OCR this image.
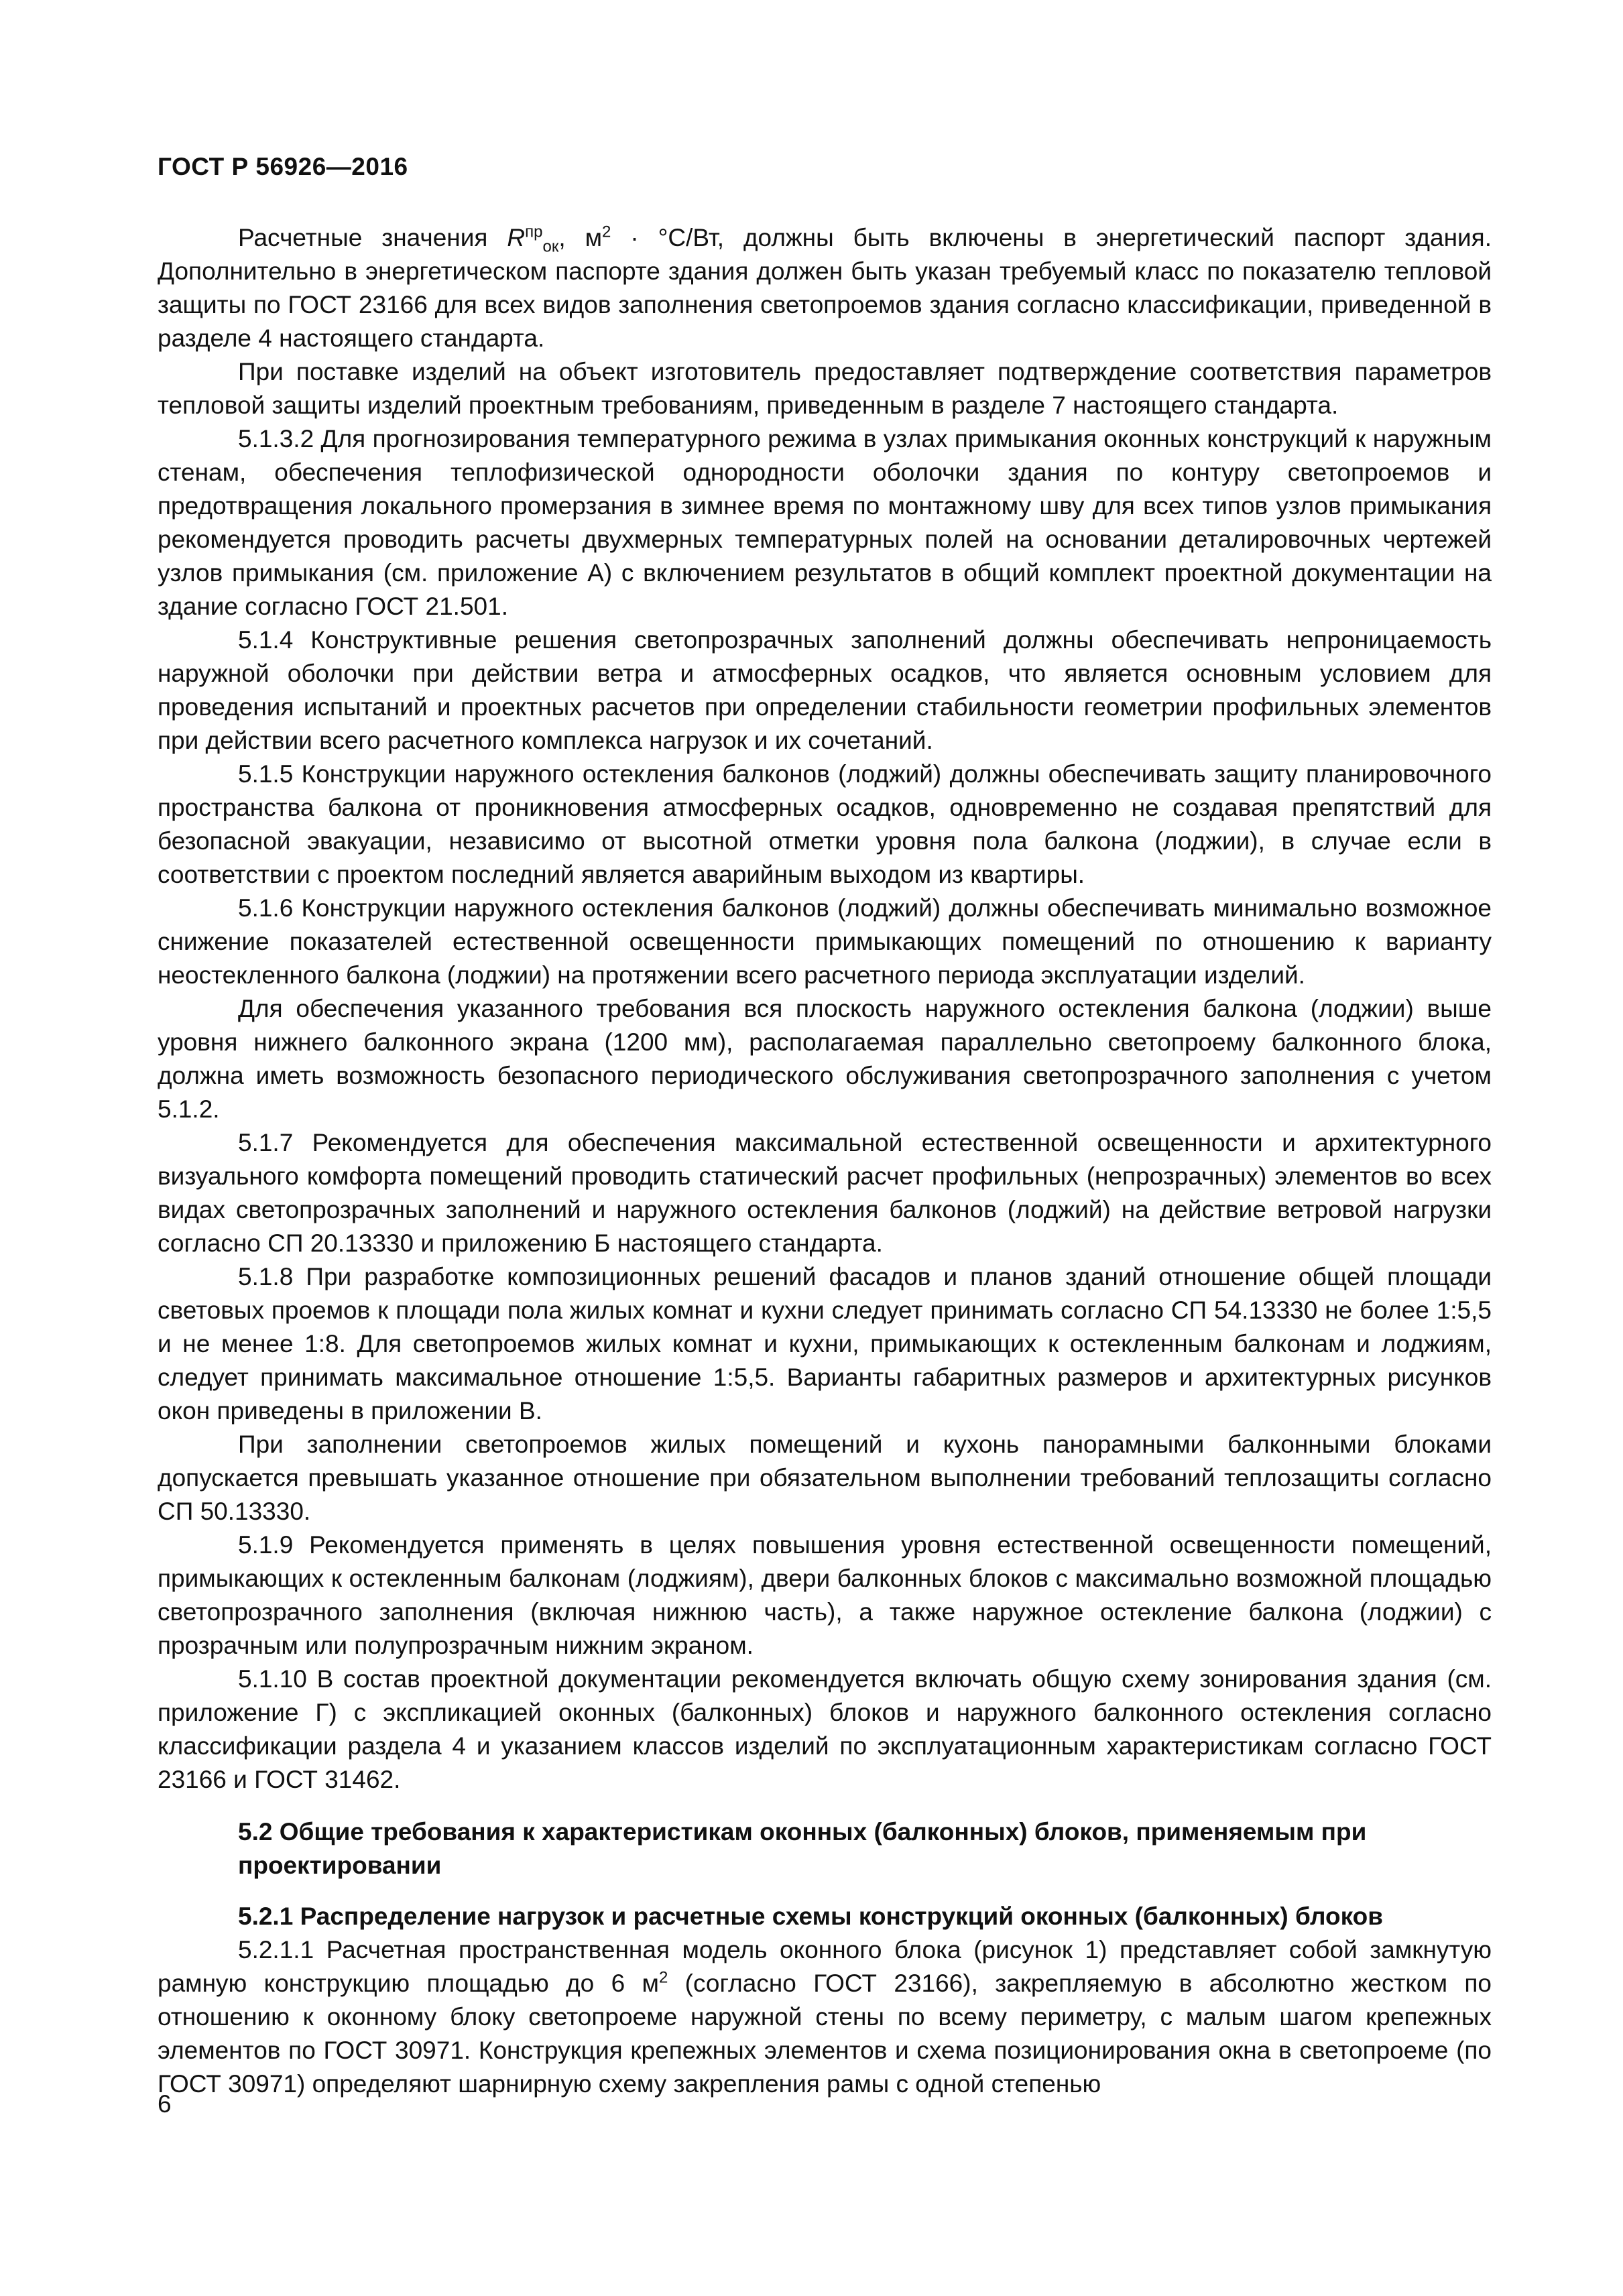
ГОСТ Р 56926—2016

Расчетные значения $R^{пр}_{ок}$, $м^2 \cdot ^\circ С/Вт$, должны быть включены в энергетический паспорт здания. Дополнительно в энергетическом паспорте здания должен быть указан требуемый класс по показателю тепловой защиты по ГОСТ 23166 для всех видов заполнения светопроемов здания согласно классификации, приведенной в разделе 4 настоящего стандарта.

При поставке изделий на объект изготовитель предоставляет подтверждение соответствия параметров тепловой защиты изделий проектным требованиям, приведенным в разделе 7 настоящего стандарта.

5.1.3.2 Для прогнозирования температурного режима в узлах примыкания оконных конструкций к наружным стенам, обеспечения теплофизической однородности оболочки здания по контуру светопроемов и предотвращения локального промерзания в зимнее время по монтажному шву для всех типов узлов примыкания рекомендуется проводить расчеты двухмерных температурных полей на основании деталировочных чертежей узлов примыкания (см. приложение А) с включением результатов в общий комплект проектной документации на здание согласно ГОСТ 21.501.

5.1.4 Конструктивные решения светопрозрачных заполнений должны обеспечивать непроницаемость наружной оболочки при действии ветра и атмосферных осадков, что является основным условием для проведения испытаний и проектных расчетов при определении стабильности геометрии профильных элементов при действии всего расчетного комплекса нагрузок и их сочетаний.

5.1.5 Конструкции наружного остекления балконов (лоджий) должны обеспечивать защиту планировочного пространства балкона от проникновения атмосферных осадков, одновременно не создавая препятствий для безопасной эвакуации, независимо от высотной отметки уровня пола балкона (лоджии), в случае если в соответствии с проектом последний является аварийным выходом из квартиры.

5.1.6 Конструкции наружного остекления балконов (лоджий) должны обеспечивать минимально возможное снижение показателей естественной освещенности примыкающих помещений по отношению к варианту неостекленного балкона (лоджии) на протяжении всего расчетного периода эксплуатации изделий.

Для обеспечения указанного требования вся плоскость наружного остекления балкона (лоджии) выше уровня нижнего балконного экрана (1200 мм), располагаемая параллельно светопроему балконного блока, должна иметь возможность безопасного периодического обслуживания светопрозрачного заполнения с учетом 5.1.2.

5.1.7 Рекомендуется для обеспечения максимальной естественной освещенности и архитектурного визуального комфорта помещений проводить статический расчет профильных (непрозрачных) элементов во всех видах светопрозрачных заполнений и наружного остекления балконов (лоджий) на действие ветровой нагрузки согласно СП 20.13330 и приложению Б настоящего стандарта.

5.1.8 При разработке композиционных решений фасадов и планов зданий отношение общей площади световых проемов к площади пола жилых комнат и кухни следует принимать согласно СП 54.13330 не более 1:5,5 и не менее 1:8. Для светопроемов жилых комнат и кухни, примыкающих к остекленным балконам и лоджиям, следует принимать максимальное отношение 1:5,5. Варианты габаритных размеров и архитектурных рисунков окон приведены в приложении В.

При заполнении светопроемов жилых помещений и кухонь панорамными балконными блоками допускается превышать указанное отношение при обязательном выполнении требований теплозащиты согласно СП 50.13330.

5.1.9 Рекомендуется применять в целях повышения уровня естественной освещенности помещений, примыкающих к остекленным балконам (лоджиям), двери балконных блоков с максимально возможной площадью светопрозрачного заполнения (включая нижнюю часть), а также наружное остекление балкона (лоджии) с прозрачным или полупрозрачным нижним экраном.

5.1.10 В состав проектной документации рекомендуется включать общую схему зонирования здания (см. приложение Г) с экспликацией оконных (балконных) блоков и наружного балконного остекления согласно классификации раздела 4 и указанием классов изделий по эксплуатационным характеристикам согласно ГОСТ 23166 и ГОСТ 31462.

5.2 Общие требования к характеристикам оконных (балконных) блоков, применяемым при проектировании
5.2.1 Распределение нагрузок и расчетные схемы конструкций оконных (балконных) блоков

5.2.1.1 Расчетная пространственная модель оконного блока (рисунок 1) представляет собой замкнутую рамную конструкцию площадью до 6 $м^2$ (согласно ГОСТ 23166), закрепляемую в абсолютно жестком по отношению к оконному блоку светопроеме наружной стены по всему периметру, с малым шагом крепежных элементов по ГОСТ 30971. Конструкция крепежных элементов и схема позиционирования окна в светопроеме (по ГОСТ 30971) определяют шарнирную схему закрепления рамы с одной степенью

6
